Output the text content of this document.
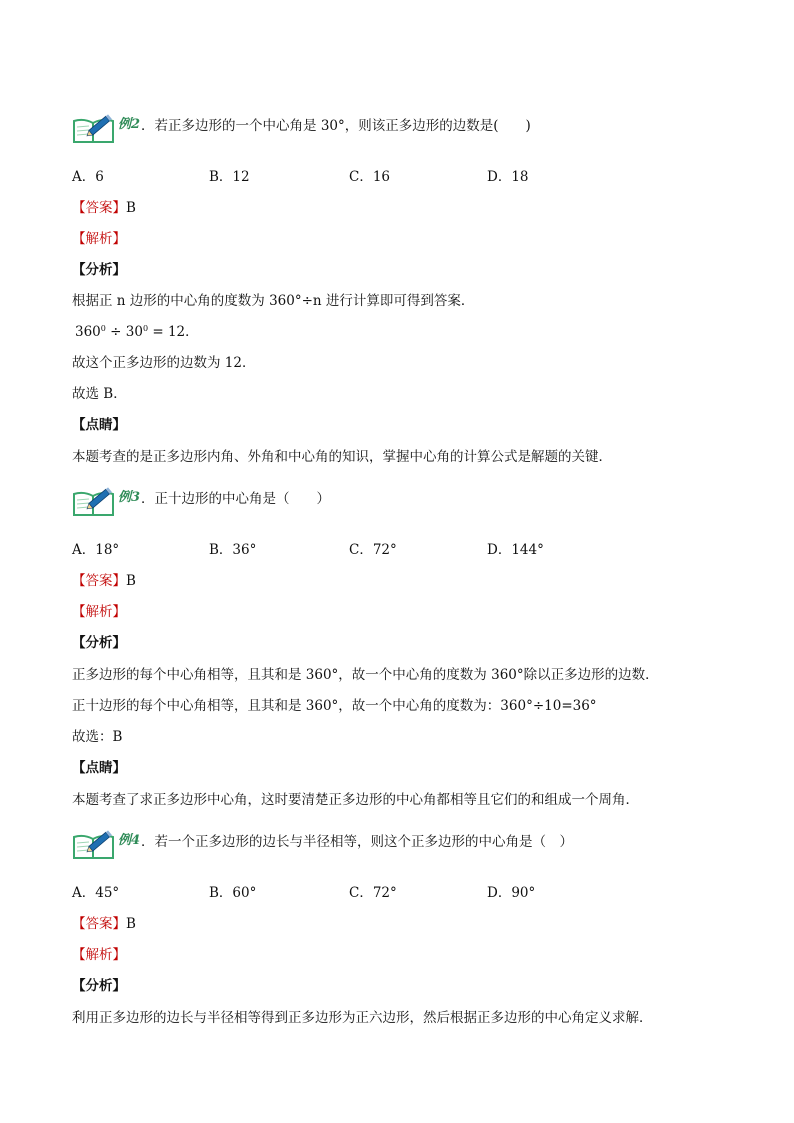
例2 ．若正多边形的一个中心角是 30°，则该正多边形的边数是(　　)
A．6	B．12	C．16	D．18
【答案】B
【解析】
【分析】
根据正 n 边形的中心角的度数为 360°÷n 进行计算即可得到答案．
$360^0 \div 30^0 = 12$．
故这个正多边形的边数为 12．
故选 B．
【点睛】
本题考查的是正多边形内角、外角和中心角的知识，掌握中心角的计算公式是解题的关键．
例3 ．正十边形的中心角是（　　）
A．18°	B．36°	C．72°	D．144°
【答案】B
【解析】
【分析】
正多边形的每个中心角相等，且其和是 360°，故一个中心角的度数为 360°除以正多边形的边数．
正十边形的每个中心角相等，且其和是 360°，故一个中心角的度数为：360°÷10=36°
故选：B
【点睛】
本题考查了求正多边形中心角，这时要清楚正多边形的中心角都相等且它们的和组成一个周角．
例4 ．若一个正多边形的边长与半径相等，则这个正多边形的中心角是（　）
A．45°	B．60°	C．72°	D．90°
【答案】B
【解析】
【分析】
利用正多边形的边长与半径相等得到正多边形为正六边形，然后根据正多边形的中心角定义求解．
